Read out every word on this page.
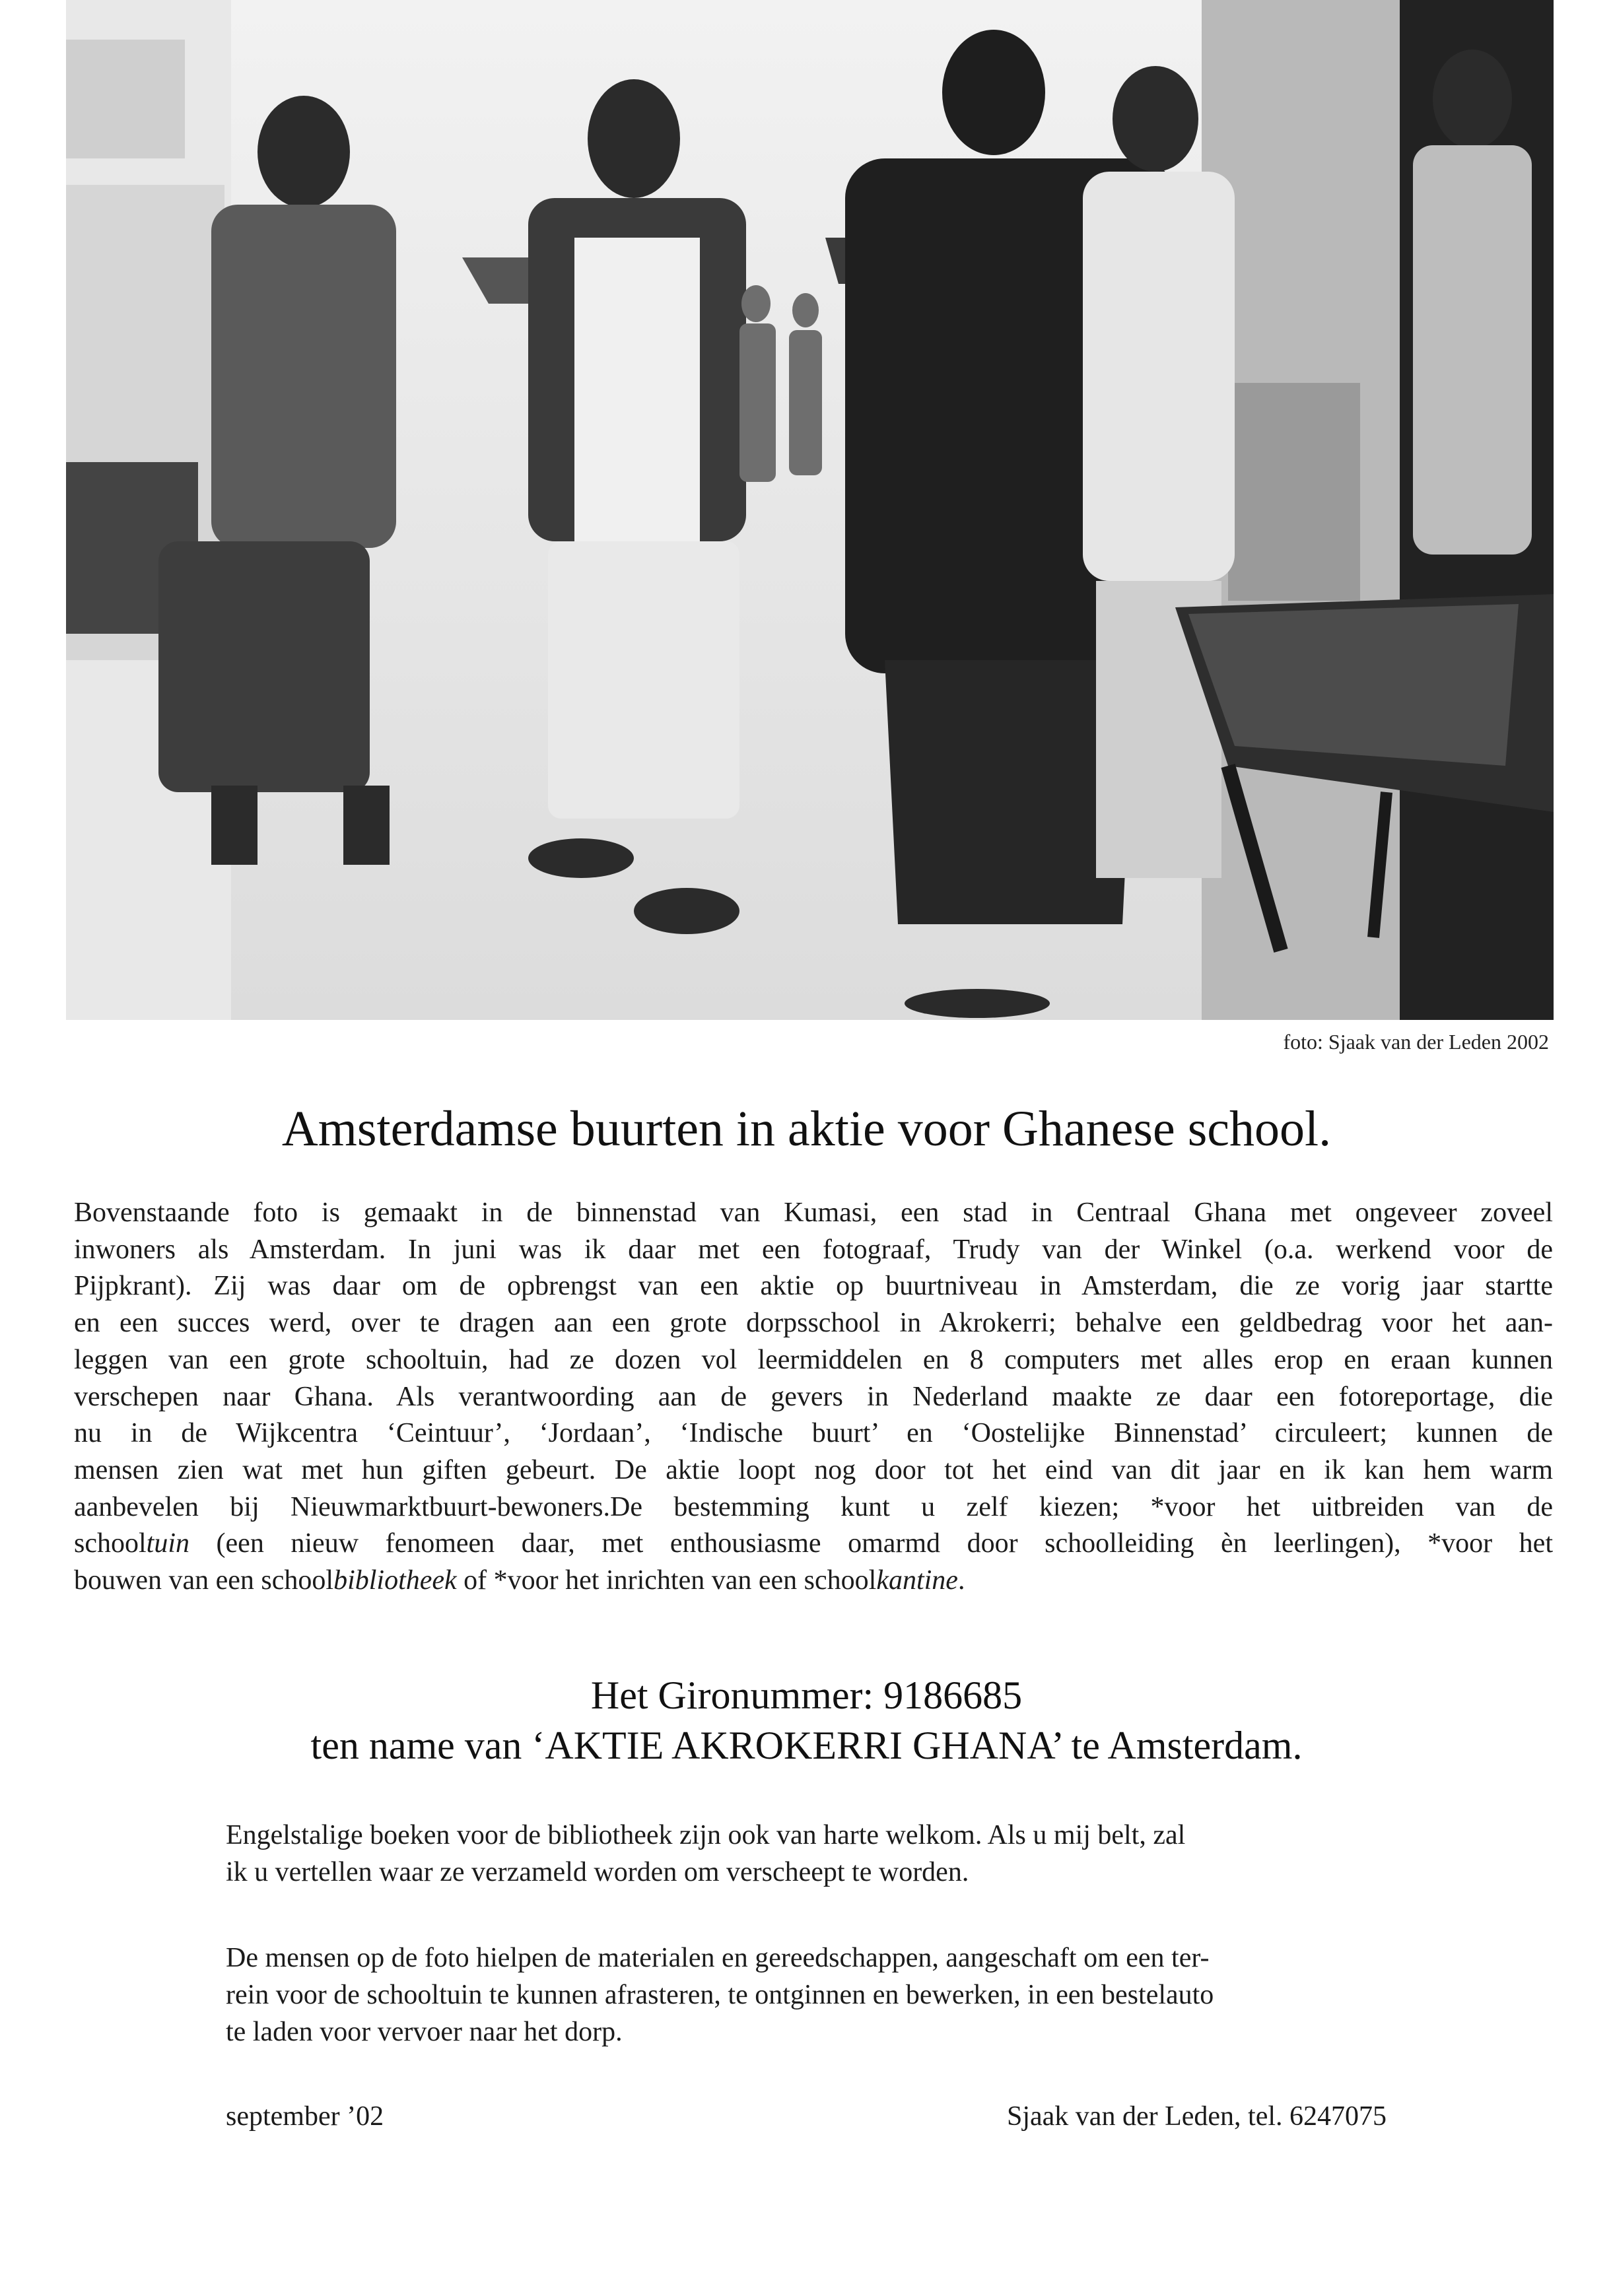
foto: Sjaak van der Leden 2002
Amsterdamse buurten in aktie voor Ghanese school.
Bovenstaande foto is gemaakt in de binnenstad van Kumasi, een stad in Centraal Ghana met ongeveer zoveel
inwoners als Amsterdam. In juni was ik daar met een fotograaf, Trudy van der Winkel (o.a. werkend voor de
Pijpkrant). Zij was daar om de opbrengst van een aktie op buurtniveau in Amsterdam, die ze vorig jaar startte
en een succes werd, over te dragen aan een grote dorpsschool in Akrokerri; behalve een geldbedrag voor het aan-
leggen van een grote schooltuin, had ze dozen vol leermiddelen en 8 computers met alles erop en eraan kunnen
verschepen naar Ghana. Als verantwoording aan de gevers in Nederland maakte ze daar een fotoreportage, die
nu in de Wijkcentra ‘Ceintuur’, ‘Jordaan’, ‘Indische buurt’ en ‘Oostelijke Binnenstad’ circuleert; kunnen de
mensen zien wat met hun giften gebeurt. De aktie loopt nog door tot het eind van dit jaar en ik kan hem warm
aanbevelen bij Nieuwmarktbuurt-bewoners.De bestemming kunt u zelf kiezen; *voor het uitbreiden van de
schooltuin (een nieuw fenomeen daar, met enthousiasme omarmd door schoolleiding èn leerlingen), *voor het
bouwen van een schoolbibliotheek of *voor het inrichten van een schoolkantine.
Het Gironummer: 9186685
ten name van ‘AKTIE AKROKERRI GHANA’ te Amsterdam.
Engelstalige boeken voor de bibliotheek zijn ook van harte welkom. Als u mij belt, zal
ik u vertellen waar ze verzameld worden om verscheept te worden.
De mensen op de foto hielpen de materialen en gereedschappen, aangeschaft om een ter-
rein voor de schooltuin te kunnen afrasteren, te ontginnen en bewerken, in een bestelauto
te laden voor vervoer naar het dorp.
september ’02	Sjaak van der Leden, tel. 6247075
